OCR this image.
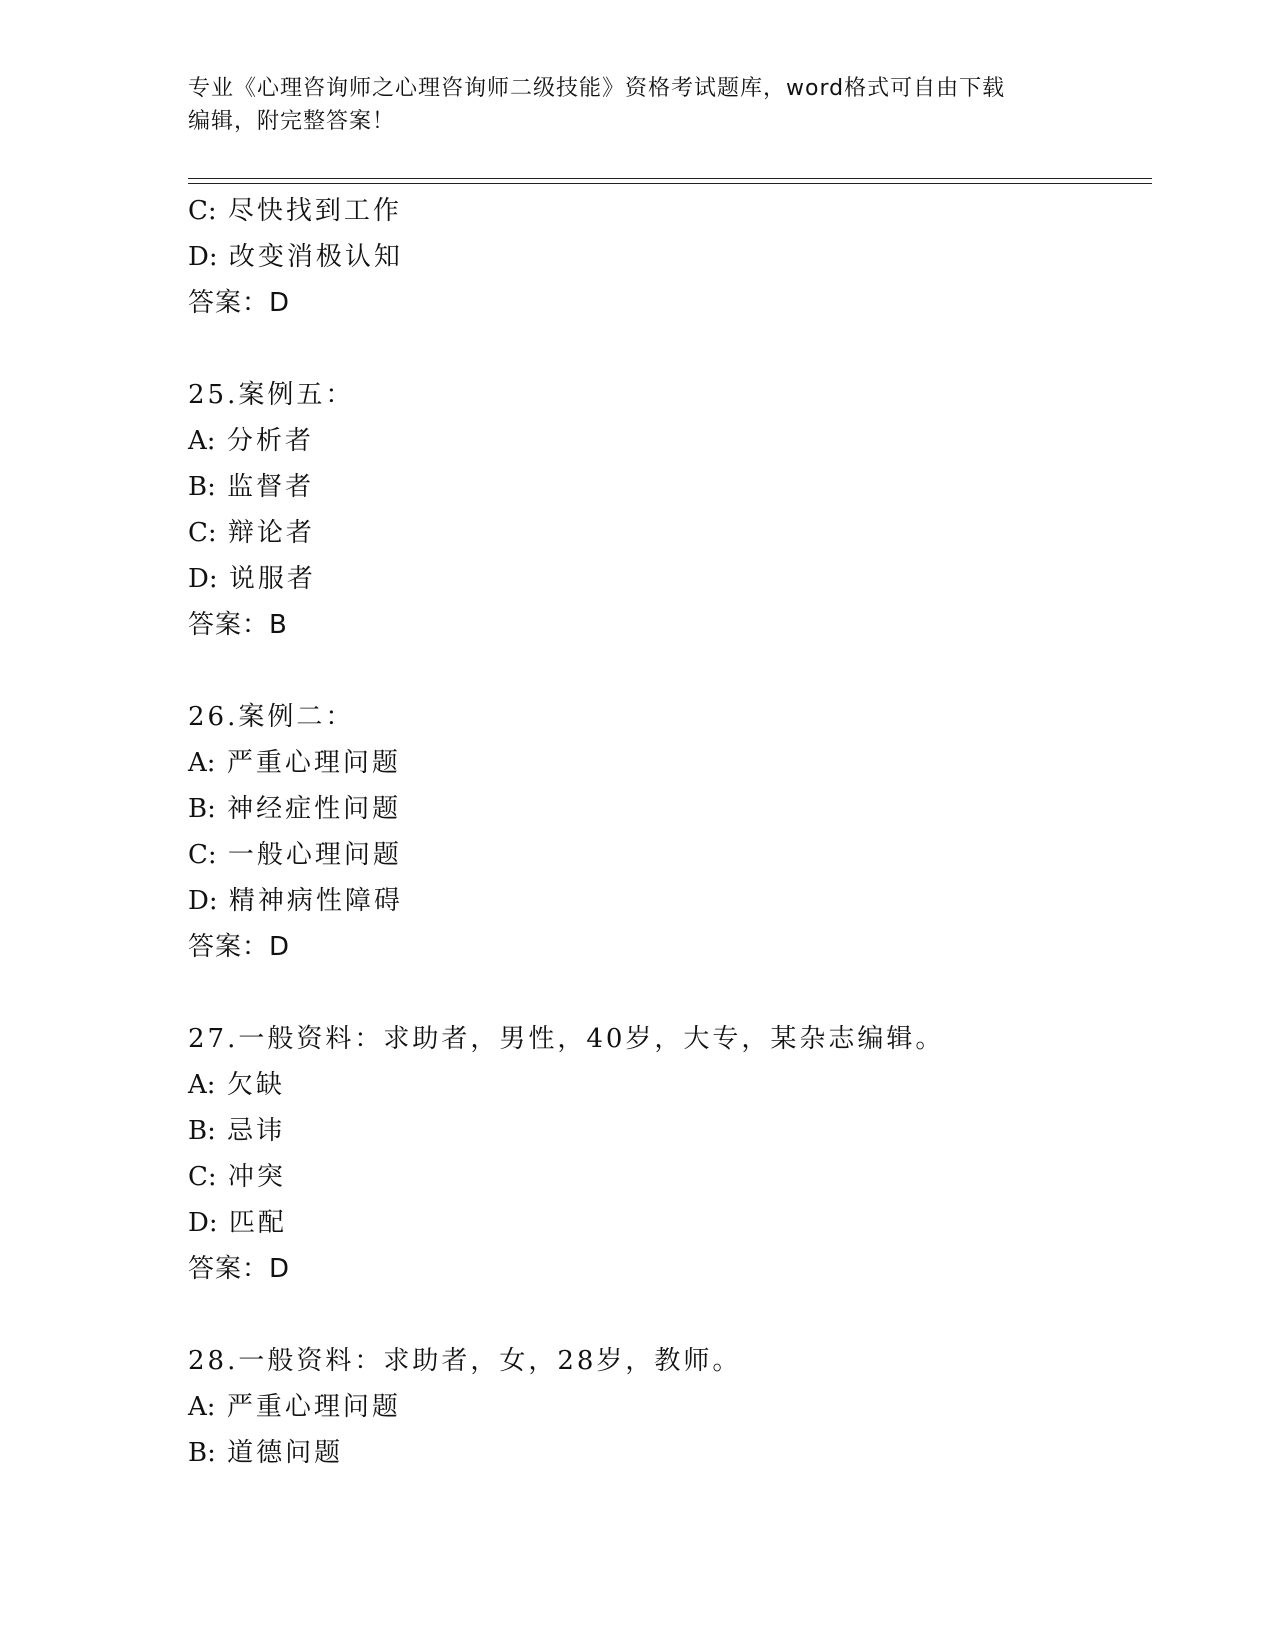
专业《心理咨询师之心理咨询师二级技能》资格考试题库，word格式可自由下载
编辑，附完整答案！
C: 尽快找到工作
D: 改变消极认知
答案：D
25.案例五：
A: 分析者
B: 监督者
C: 辩论者
D: 说服者
答案：B
26.案例二：
A: 严重心理问题
B: 神经症性问题
C: 一般心理问题
D: 精神病性障碍
答案：D
27.一般资料：求助者，男性，40岁，大专，某杂志编辑。
A: 欠缺
B: 忌讳
C: 冲突
D: 匹配
答案：D
28.一般资料：求助者，女，28岁，教师。
A: 严重心理问题
B: 道德问题
